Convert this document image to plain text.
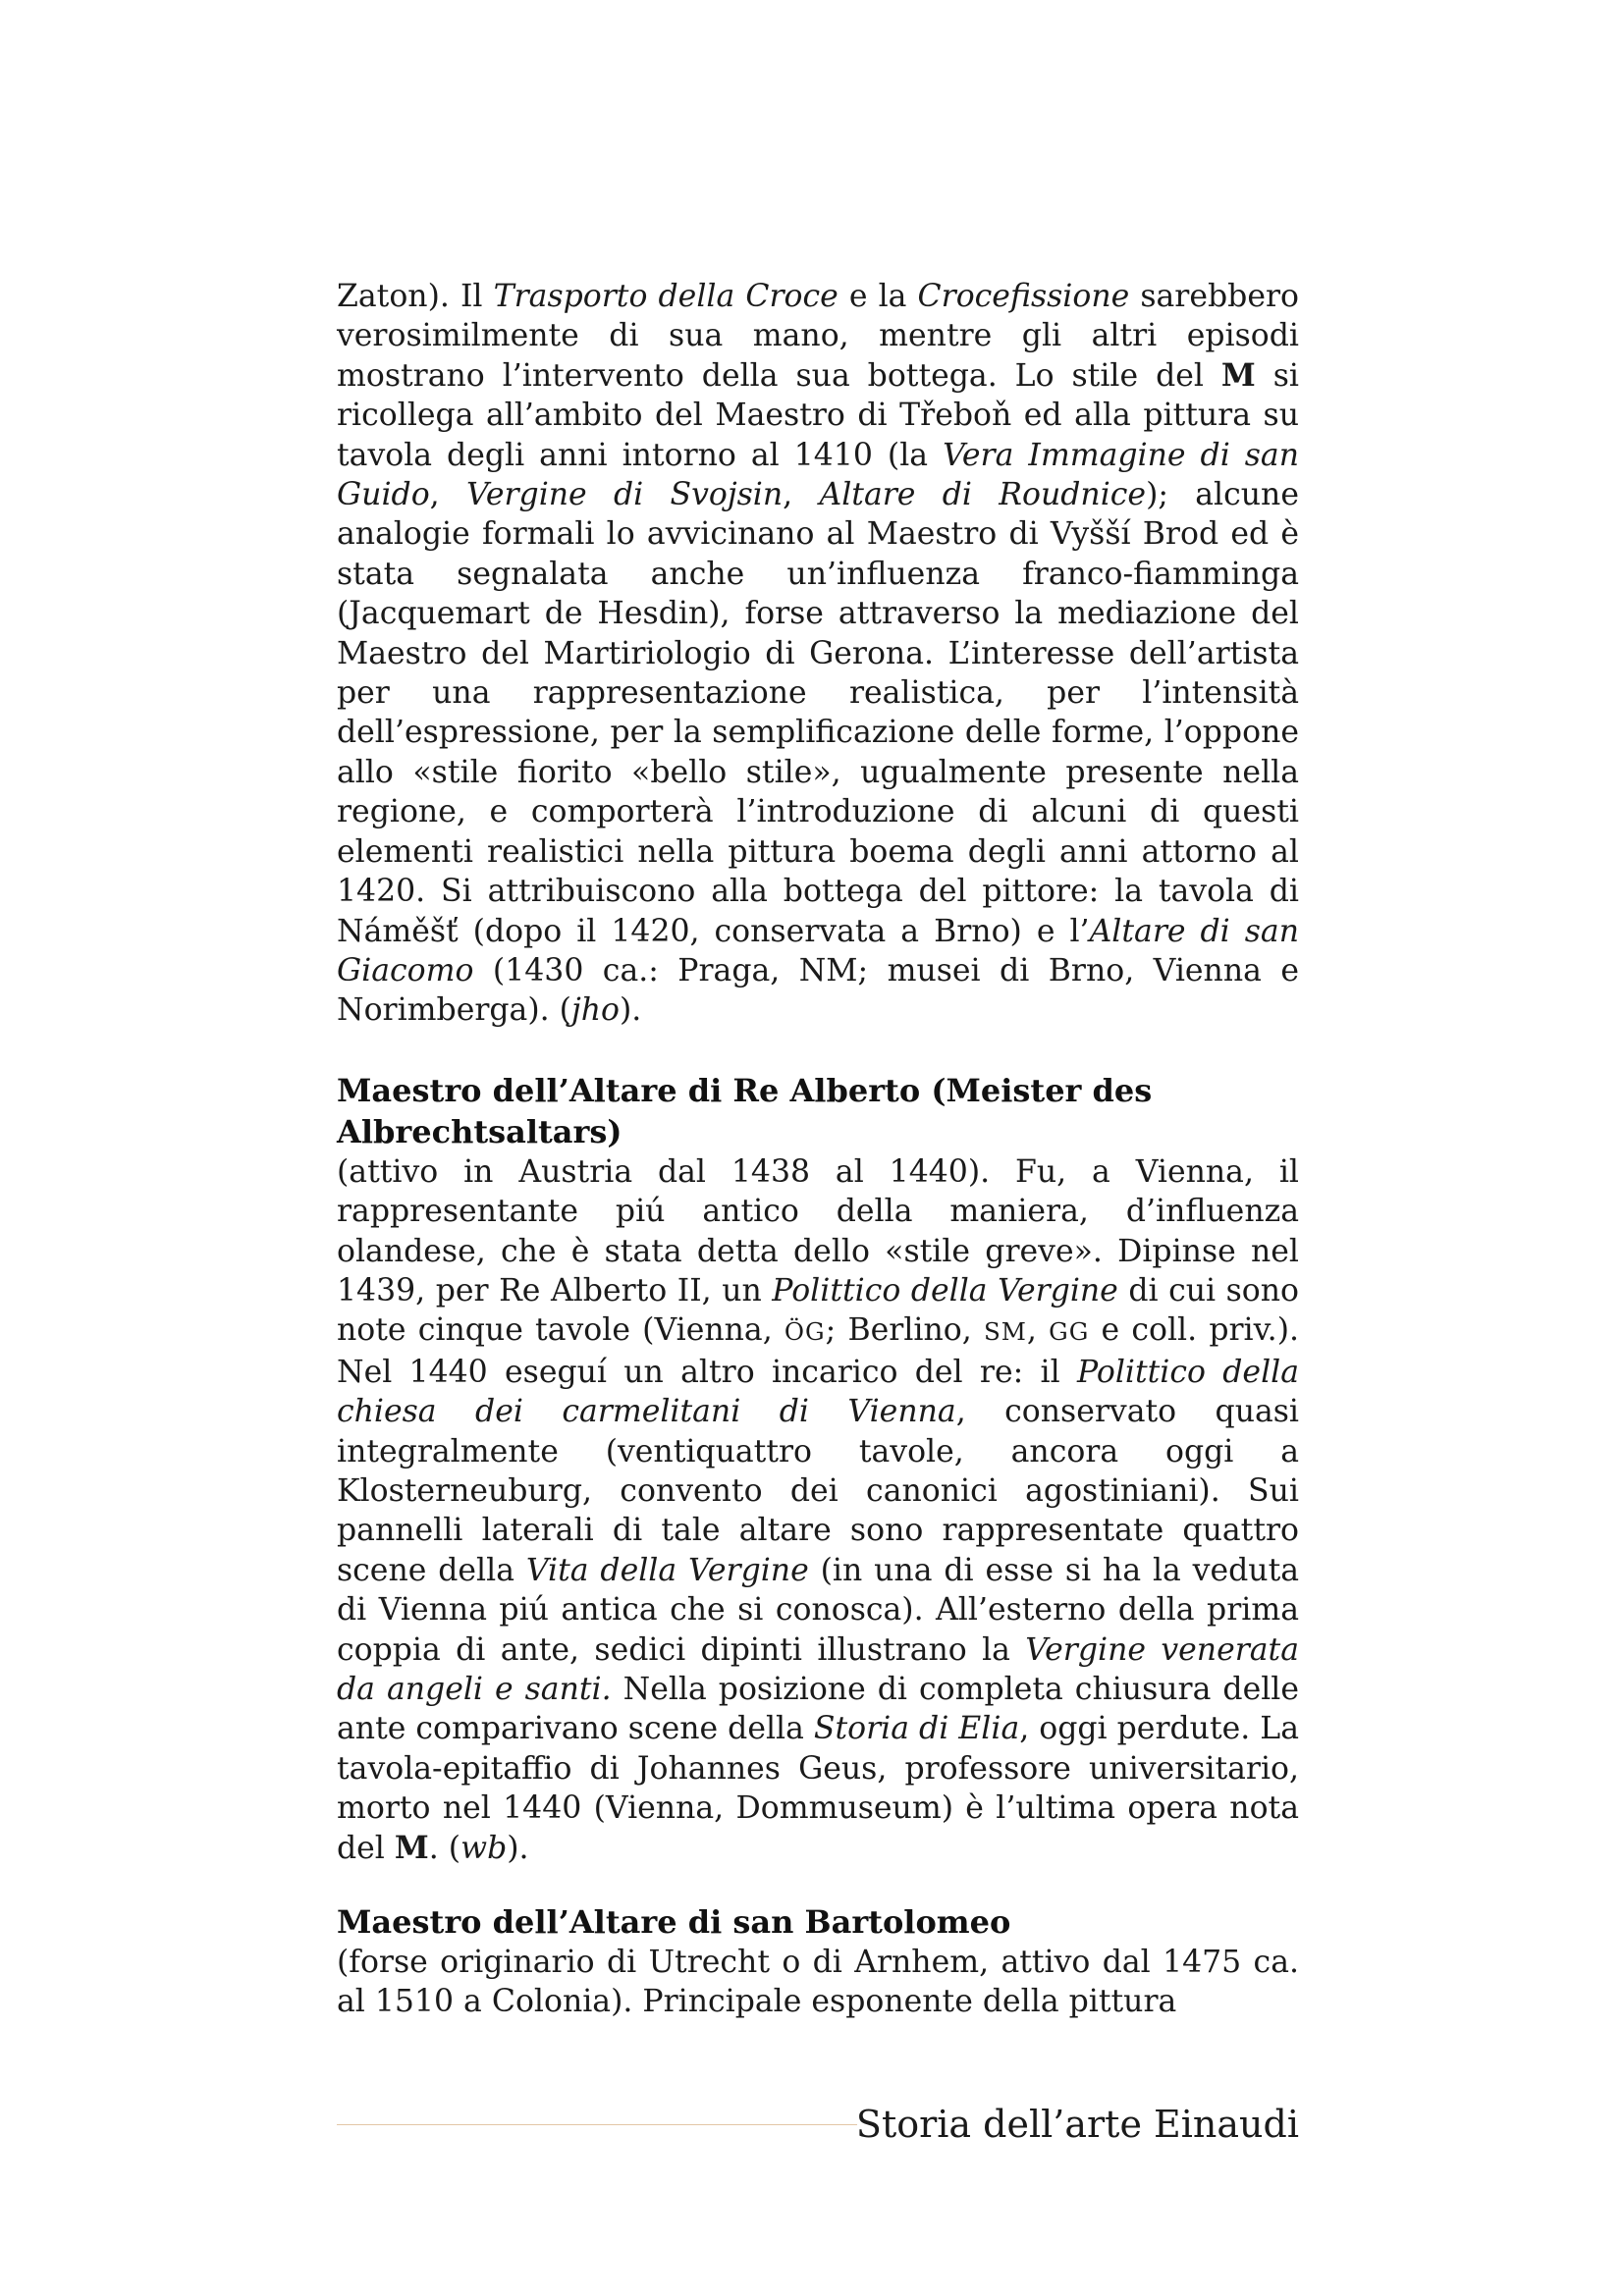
Zaton). Il Trasporto della Croce e la Crocefissione sarebbero verosimilmente di sua mano, mentre gli altri episodi mostrano l’intervento della sua bottega. Lo stile del M si ricollega all’ambito del Maestro di Třeboň ed alla pittura su tavola degli anni intorno al 1410 (la Vera Immagine di san Guido, Vergine di Svojsin, Altare di Roudnice); alcune analogie formali lo avvicinano al Maestro di Vyšší Brod ed è stata segnalata anche un’influenza franco-fiamminga (Jacquemart de Hesdin), forse attraverso la mediazione del Maestro del Martiriologio di Gerona. L’interesse dell’artista per una rappresentazione realistica, per l’intensità dell’espressione, per la semplificazione delle forme, l’oppone allo «stile fiorito «bello stile», ugualmente presente nella regione, e comporterà l’introduzione di alcuni di questi elementi realistici nella pittura boema degli anni attorno al 1420. Si attribuiscono alla bottega del pittore: la tavola di Náměšť (dopo il 1420, conservata a Brno) e l’Altare di san Giacomo (1430 ca.: Praga, NM; musei di Brno, Vienna e Norimberga). (jho).

Maestro dell’Altare di Re Alberto (Meister des Albrechtsaltars)

(attivo in Austria dal 1438 al 1440). Fu, a Vienna, il rappresentante piú antico della maniera, d’influenza olandese, che è stata detta dello «stile greve». Dipinse nel 1439, per Re Alberto II, un Polittico della Vergine di cui sono note cinque tavole (Vienna, ÖG; Berlino, SM, GG e coll. priv.). Nel 1440 eseguí un altro incarico del re: il Polittico della chiesa dei carmelitani di Vienna, conservato quasi integralmente (ventiquattro tavole, ancora oggi a Klosterneuburg, convento dei canonici agostiniani). Sui pannelli laterali di tale altare sono rappresentate quattro scene della Vita della Vergine (in una di esse si ha la veduta di Vienna piú antica che si conosca). All’esterno della prima coppia di ante, sedici dipinti illustrano la Vergine venerata da angeli e santi. Nella posizione di completa chiusura delle ante comparivano scene della Storia di Elia, oggi perdute. La tavola-epitaffio di Johannes Geus, professore universitario, morto nel 1440 (Vienna, Dommuseum) è l’ultima opera nota del M. (wb).

Maestro dell’Altare di san Bartolomeo

(forse originario di Utrecht o di Arnhem, attivo dal 1475 ca. al 1510 a Colonia). Principale esponente della pittura

Storia dell’arte Einaudi
